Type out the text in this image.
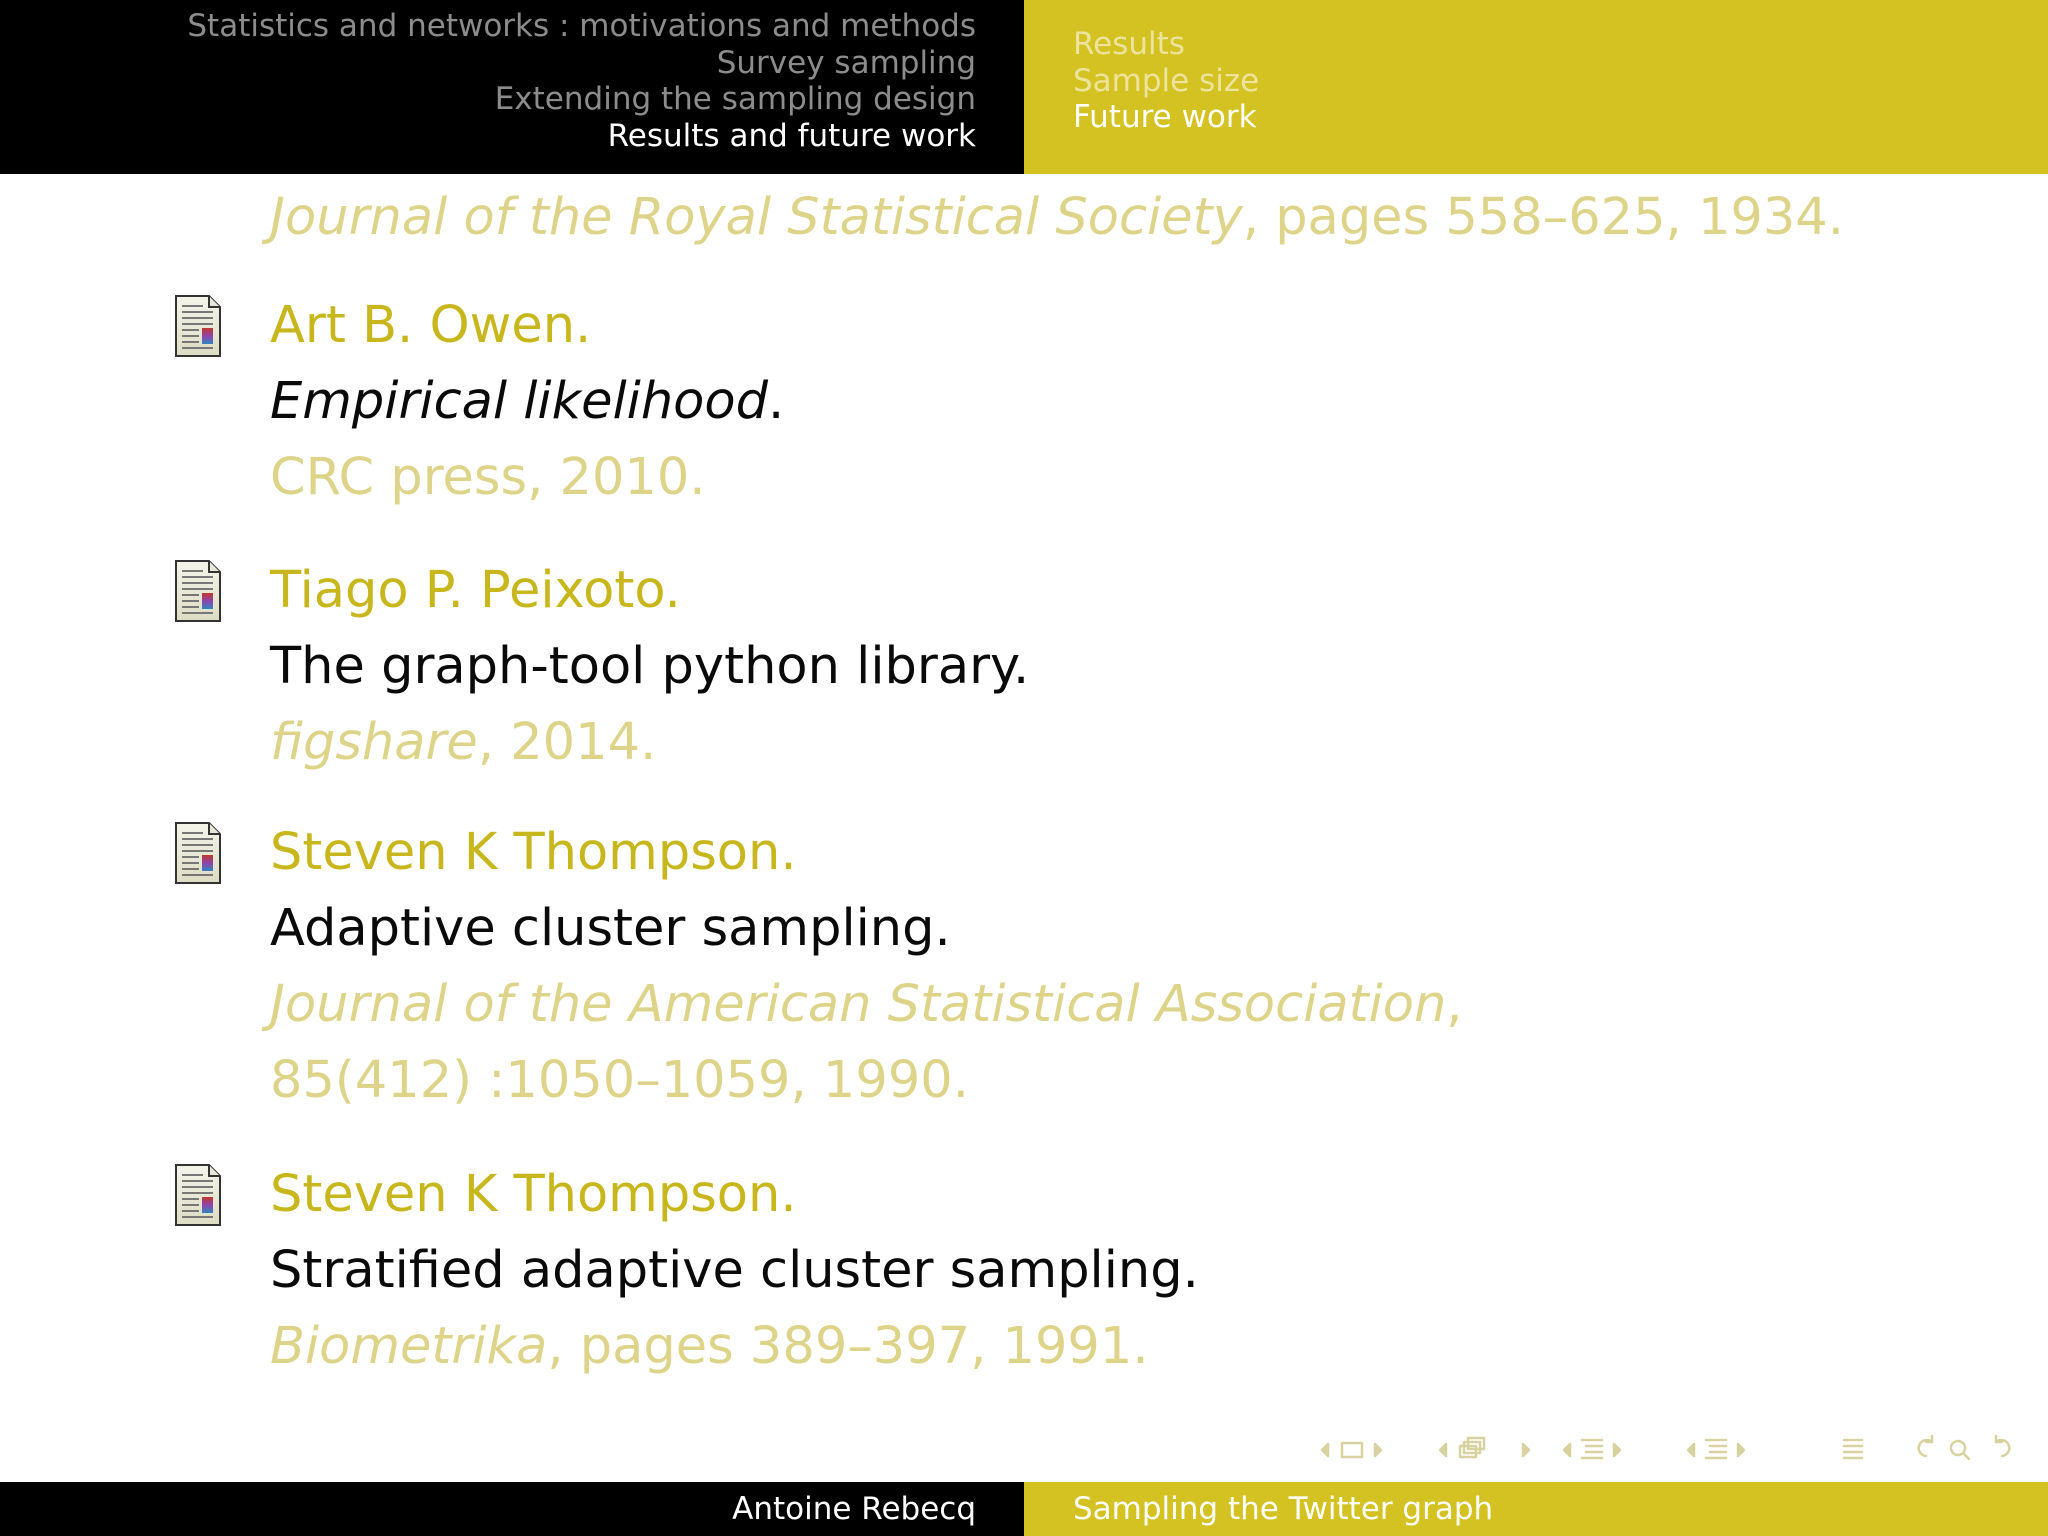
Statistics and networks : motivations and methods
Survey sampling
Extending the sampling design
Results and future work
Results
Sample size
Future work
Journal of the Royal Statistical Society, pages 558–625, 1934.
Art B. Owen.
Empirical likelihood.
CRC press, 2010.
Tiago P. Peixoto.
The graph-tool python library.
figshare, 2014.
Steven K Thompson.
Adaptive cluster sampling.
Journal of the American Statistical Association,
85(412) :1050–1059, 1990.
Steven K Thompson.
Stratified adaptive cluster sampling.
Biometrika, pages 389–397, 1991.
Antoine Rebecq	Sampling the Twitter graph
